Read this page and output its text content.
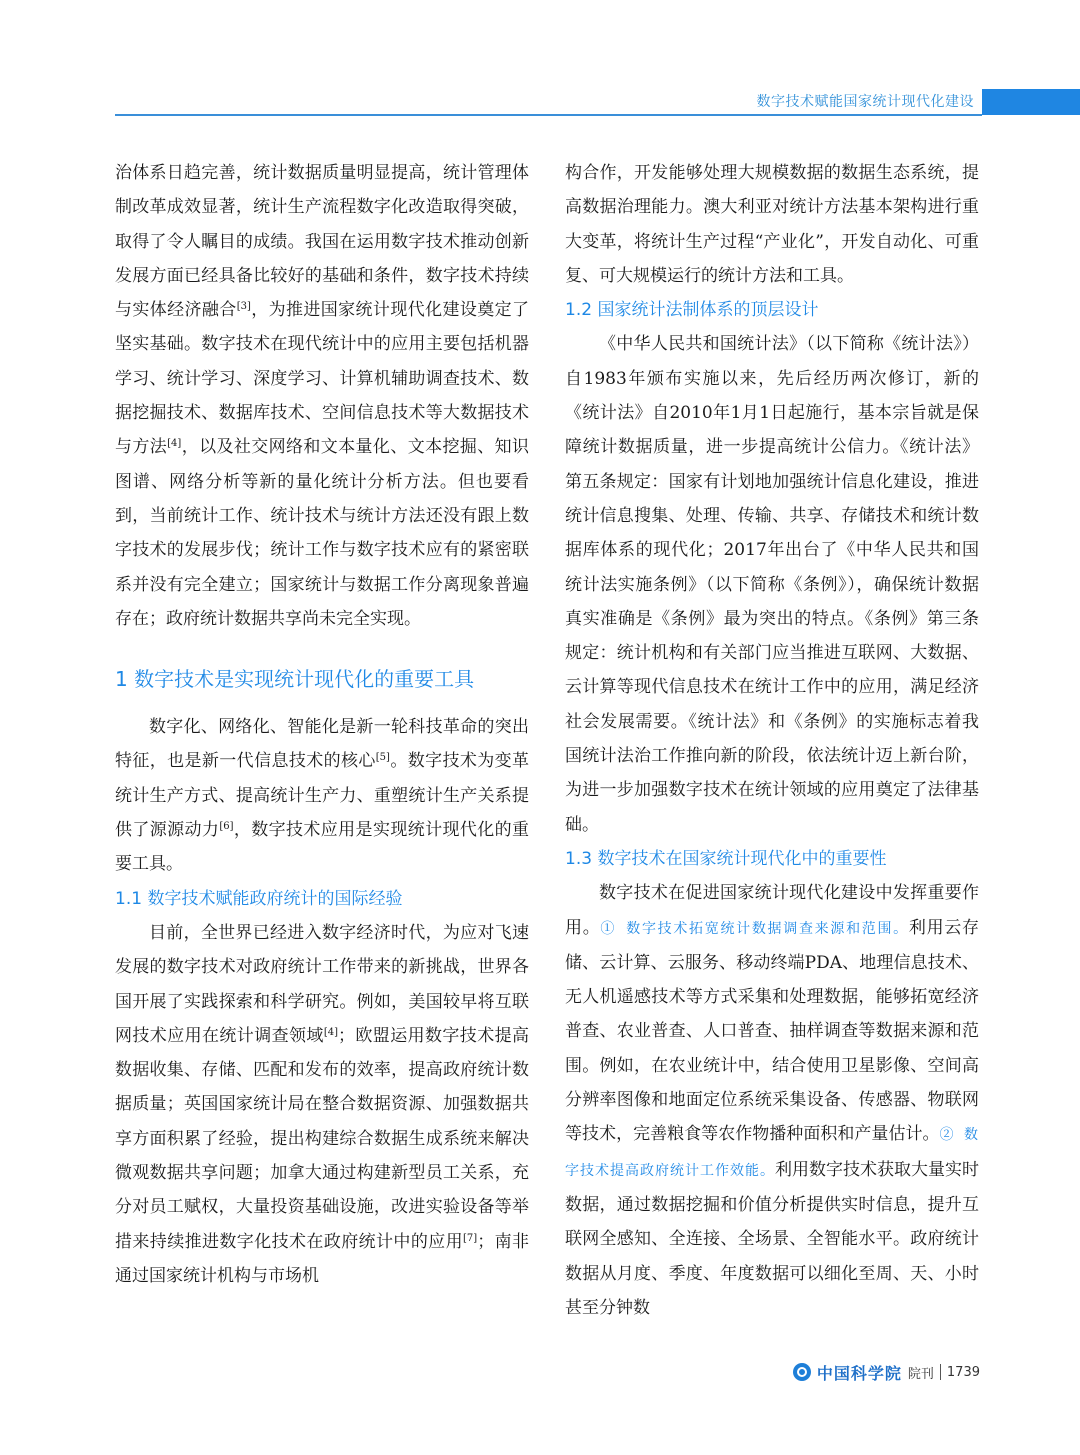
数字技术赋能国家统计现代化建设

治体系日趋完善，统计数据质量明显提高，统计管理体制改革成效显著，统计生产流程数字化改造取得突破，取得了令人瞩目的成绩。我国在运用数字技术推动创新发展方面已经具备比较好的基础和条件，数字技术持续与实体经济融合[3]，为推进国家统计现代化建设奠定了坚实基础。数字技术在现代统计中的应用主要包括机器学习、统计学习、深度学习、计算机辅助调查技术、数据挖掘技术、数据库技术、空间信息技术等大数据技术与方法[4]，以及社交网络和文本量化、文本挖掘、知识图谱、网络分析等新的量化统计分析方法。但也要看到，当前统计工作、统计技术与统计方法还没有跟上数字技术的发展步伐；统计工作与数字技术应有的紧密联系并没有完全建立；国家统计与数据工作分离现象普遍存在；政府统计数据共享尚未完全实现。

1 数字技术是实现统计现代化的重要工具

数字化、网络化、智能化是新一轮科技革命的突出特征，也是新一代信息技术的核心[5]。数字技术为变革统计生产方式、提高统计生产力、重塑统计生产关系提供了源源动力[6]，数字技术应用是实现统计现代化的重要工具。

1.1 数字技术赋能政府统计的国际经验

目前，全世界已经进入数字经济时代，为应对飞速发展的数字技术对政府统计工作带来的新挑战，世界各国开展了实践探索和科学研究。例如，美国较早将互联网技术应用在统计调查领域[4]；欧盟运用数字技术提高数据收集、存储、匹配和发布的效率，提高政府统计数据质量；英国国家统计局在整合数据资源、加强数据共享方面积累了经验，提出构建综合数据生成系统来解决微观数据共享问题；加拿大通过构建新型员工关系，充分对员工赋权，大量投资基础设施，改进实验设备等举措来持续推进数字化技术在政府统计中的应用[7]；南非通过国家统计机构与市场机

构合作，开发能够处理大规模数据的数据生态系统，提高数据治理能力。澳大利亚对统计方法基本架构进行重大变革，将统计生产过程“产业化”，开发自动化、可重复、可大规模运行的统计方法和工具。

1.2 国家统计法制体系的顶层设计

《中华人民共和国统计法》（以下简称《统计法》）自1983年颁布实施以来，先后经历两次修订，新的《统计法》自2010年1月1日起施行，基本宗旨就是保障统计数据质量，进一步提高统计公信力。《统计法》第五条规定：国家有计划地加强统计信息化建设，推进统计信息搜集、处理、传输、共享、存储技术和统计数据库体系的现代化；2017年出台了《中华人民共和国统计法实施条例》（以下简称《条例》），确保统计数据真实准确是《条例》最为突出的特点。《条例》第三条规定：统计机构和有关部门应当推进互联网、大数据、云计算等现代信息技术在统计工作中的应用，满足经济社会发展需要。《统计法》和《条例》的实施标志着我国统计法治工作推向新的阶段，依法统计迈上新台阶，为进一步加强数字技术在统计领域的应用奠定了法律基础。

1.3 数字技术在国家统计现代化中的重要性

数字技术在促进国家统计现代化建设中发挥重要作用。① 数字技术拓宽统计数据调查来源和范围。利用云存储、云计算、云服务、移动终端PDA、地理信息技术、无人机遥感技术等方式采集和处理数据，能够拓宽经济普查、农业普查、人口普查、抽样调查等数据来源和范围。例如，在农业统计中，结合使用卫星影像、空间高分辨率图像和地面定位系统采集设备、传感器、物联网等技术，完善粮食等农作物播种面积和产量估计。② 数字技术提高政府统计工作效能。利用数字技术获取大量实时数据，通过数据挖掘和价值分析提供实时信息，提升互联网全感知、全连接、全场景、全智能水平。政府统计数据从月度、季度、年度数据可以细化至周、天、小时甚至分钟数

中国科学院 院刊 1739
